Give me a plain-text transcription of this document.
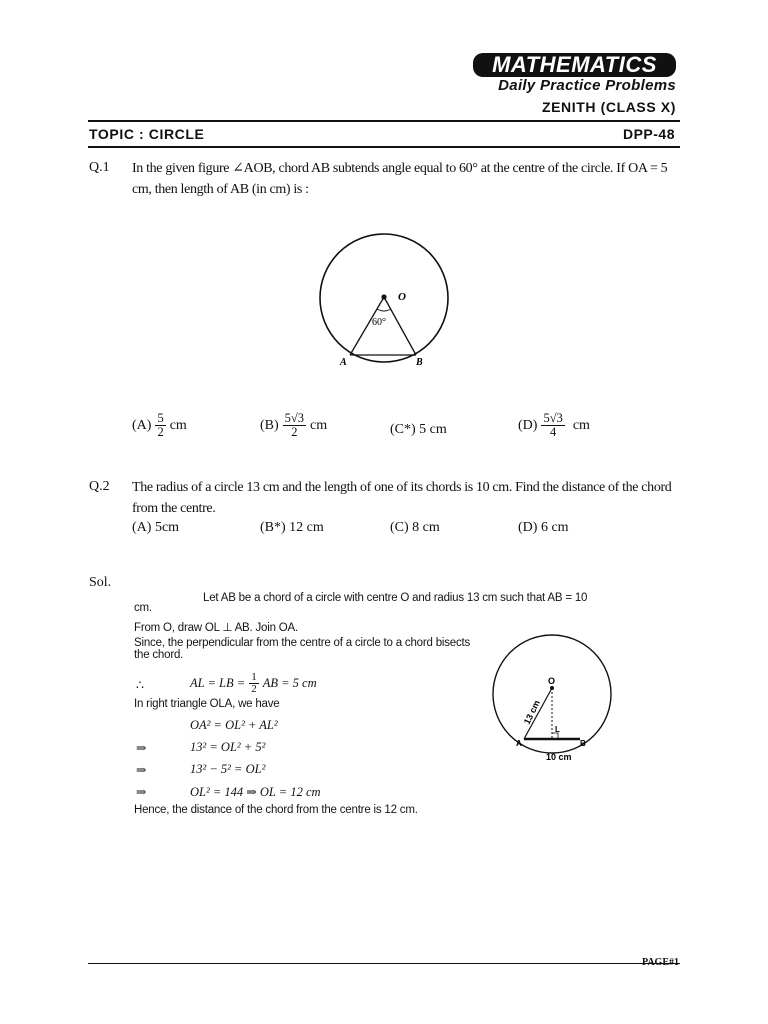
MATHEMATICS
Daily Practice Problems
ZENITH (CLASS X)
TOPIC : CIRCLE	DPP-48
Q.1 In the given figure ∠AOB, chord AB subtends angle equal to 60° at the centre of the circle. If OA = 5
cm, then length of AB (in cm) is :
O
60°
A	B
$(A) \frac{5}{2}$ cm	$(B) \frac{5√3}{2}$ cm	(C*)
5 cm	$(D) \frac{5√3}{4}$ cm
Q.2 The radius of a circle 13 cm and the length of one of its chords is 10 cm. Find the distance of the chord
from the centre.
(A)
5cm	(B*)
12 cm	(C)
8 cm	(D)
6 cm
Sol.
Let AB be a chord of a circle with centre O and radius 13 cm such that AB = 10
cm.
From O, draw OL ⊥ AB. Join OA.
Since, the perpendicular from the centre of a circle to a chord bisects
the chord.
∴	AL = LB = $\frac{1}{2}$ AB = 5 cm
In right triangle OLA, we have
OA² = OL² + AL²
⇒	13² = OL² + 5²
⇒	13² − 5² = OL²
⇒	OL² = 144 ⇒ OL = 12 cm
Hence, the distance of the chord from the centre is 12 cm.
O
13 cm
L
A	B
10 cm
PAGE#1
